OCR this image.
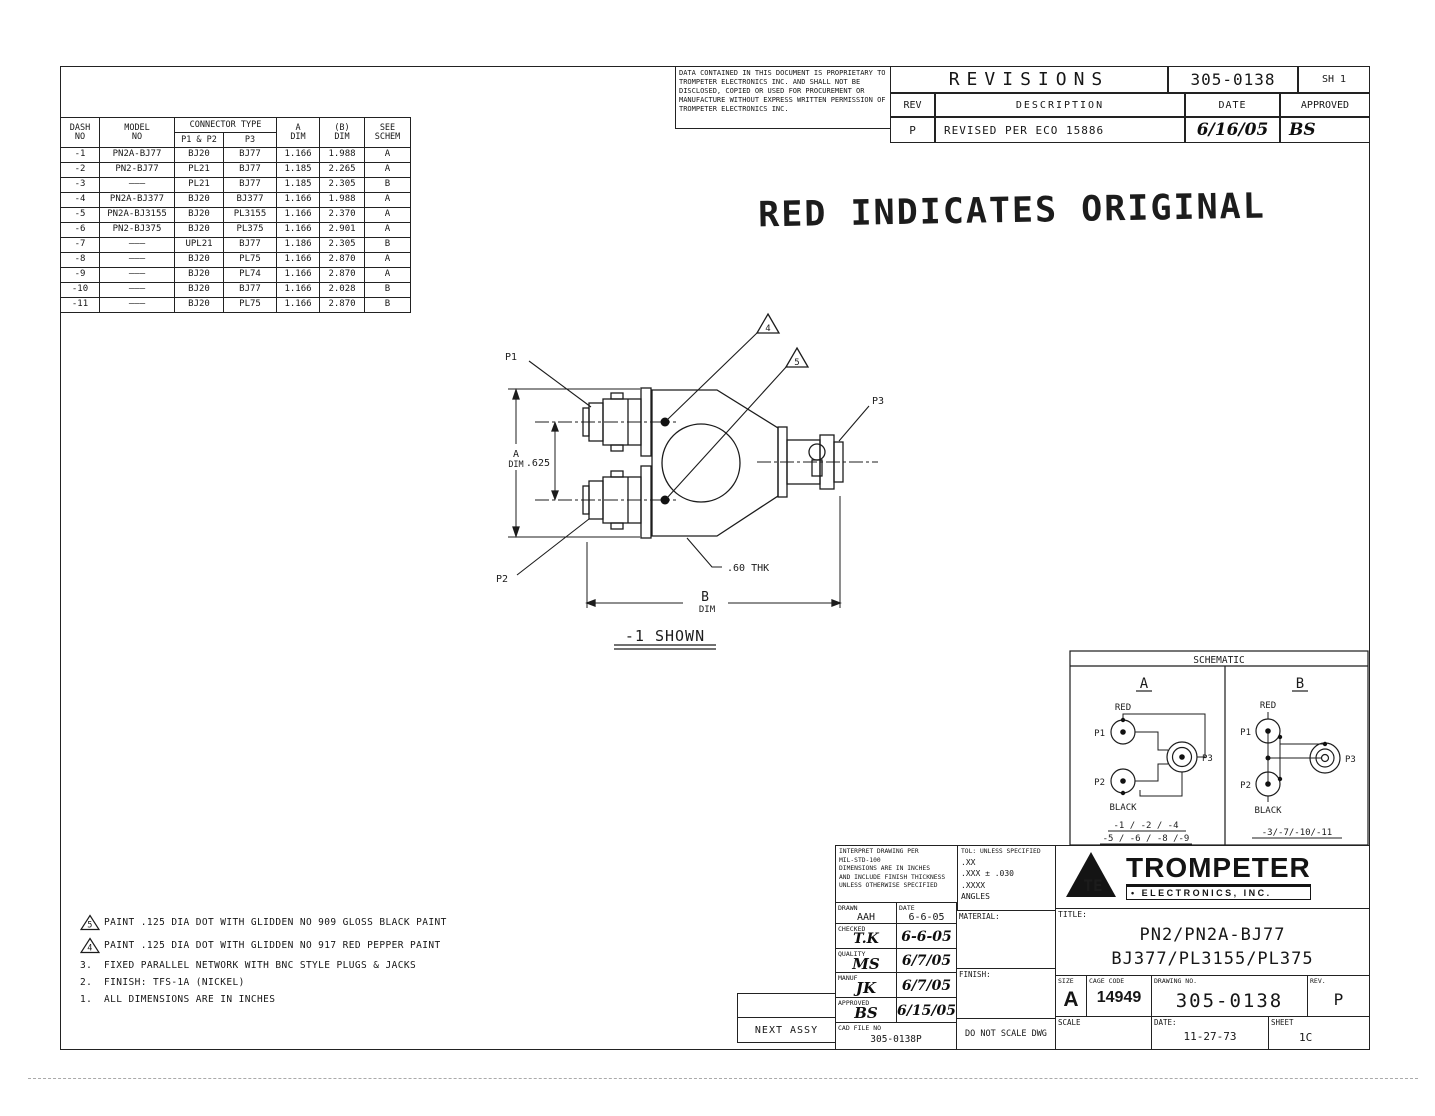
RED INDICATES ORIGINAL
P1
P2
P3
A
DIM .625
B
DIM
.60 THK
4
5
-1 SHOWN
SCHEMATIC
A	B
RED
BLACK
P1
P2
P3
-1 / -2 / -4
-5 / -6 / -8 /-9
RED
BLACK
P1
P2
P3
-3/-7/-10/-11
DASH
NO	MODEL
NO	CONNECTOR TYPE		A
DIM	(B)
DIM	SEE
SCHEM

		P1 & P2	P3			
-1	PN2A-BJ77	BJ20	BJ77	1.166	1.988	A
-2	PN2-BJ77	PL21	BJ77	1.185	2.265	A
-3	———	PL21	BJ77	1.185	2.305	B
-4	PN2A-BJ377	BJ20	BJ377	1.166	1.988	A
-5	PN2A-BJ3155	BJ20	PL3155	1.166	2.370	A
-6	PN2-BJ375	BJ20	PL375	1.166	2.901	A
-7	———	UPL21	BJ77	1.186	2.305	B
-8	———	BJ20	PL75	1.166	2.870	A
-9	———	BJ20	PL74	1.166	2.870	A
-10	———	BJ20	BJ77	1.166	2.028	B
-11	———	BJ20	PL75	1.166	2.870	B
DATA CONTAINED IN THIS DOCUMENT IS PROPRIETARY TO TROMPETER ELECTRONICS INC. AND SHALL NOT BE DISCLOSED, COPIED OR USED FOR PROCUREMENT OR MANUFACTURE WITHOUT EXPRESS WRITTEN PERMISSION OF TROMPETER ELECTRONICS INC.
REVISIONS	305-0138	SH 1
REV	DESCRIPTION	DATE	APPROVED
P	REVISED PER ECO 15886	6/16/05	BS
5 PAINT .125 DIA DOT WITH GLIDDEN NO 909 GLOSS BLACK PAINT
4 PAINT .125 DIA DOT WITH GLIDDEN NO 917 RED PEPPER PAINT
3.	FIXED PARALLEL NETWORK WITH BNC STYLE PLUGS & JACKS
2.	FINISH: TFS-1A (NICKEL)
1.	ALL DIMENSIONS ARE IN INCHES
NEXT ASSY
INTERPRET DRAWING PER
MIL-STD-100
DIMENSIONS ARE IN INCHES
AND INCLUDE FINISH THICKNESS
UNLESS OTHERWISE SPECIFIED
TOL: UNLESS SPECIFIED
.XX
.XXX ± .030
.XXXX
ANGLES
DRAWN
AAH
DATE
6-6-05
CHECKED
T.K	6-6-05
QUALITY
MS	6/7/05
MANUF
JK	6/7/05
APPROVED
BS	6/15/05
CAD FILE NO
305-0138P
MATERIAL:
FINISH:
DO NOT SCALE DWG
TE
TROMPETER
• ELECTRONICS, INC.
TITLE:
PN2/PN2A-BJ77
BJ377/PL3155/PL375
SIZE
A
CAGE CODE
14949
DRAWING NO.
305-0138
REV.
P
SCALE	DATE:
11-27-73
SHEET
1C
